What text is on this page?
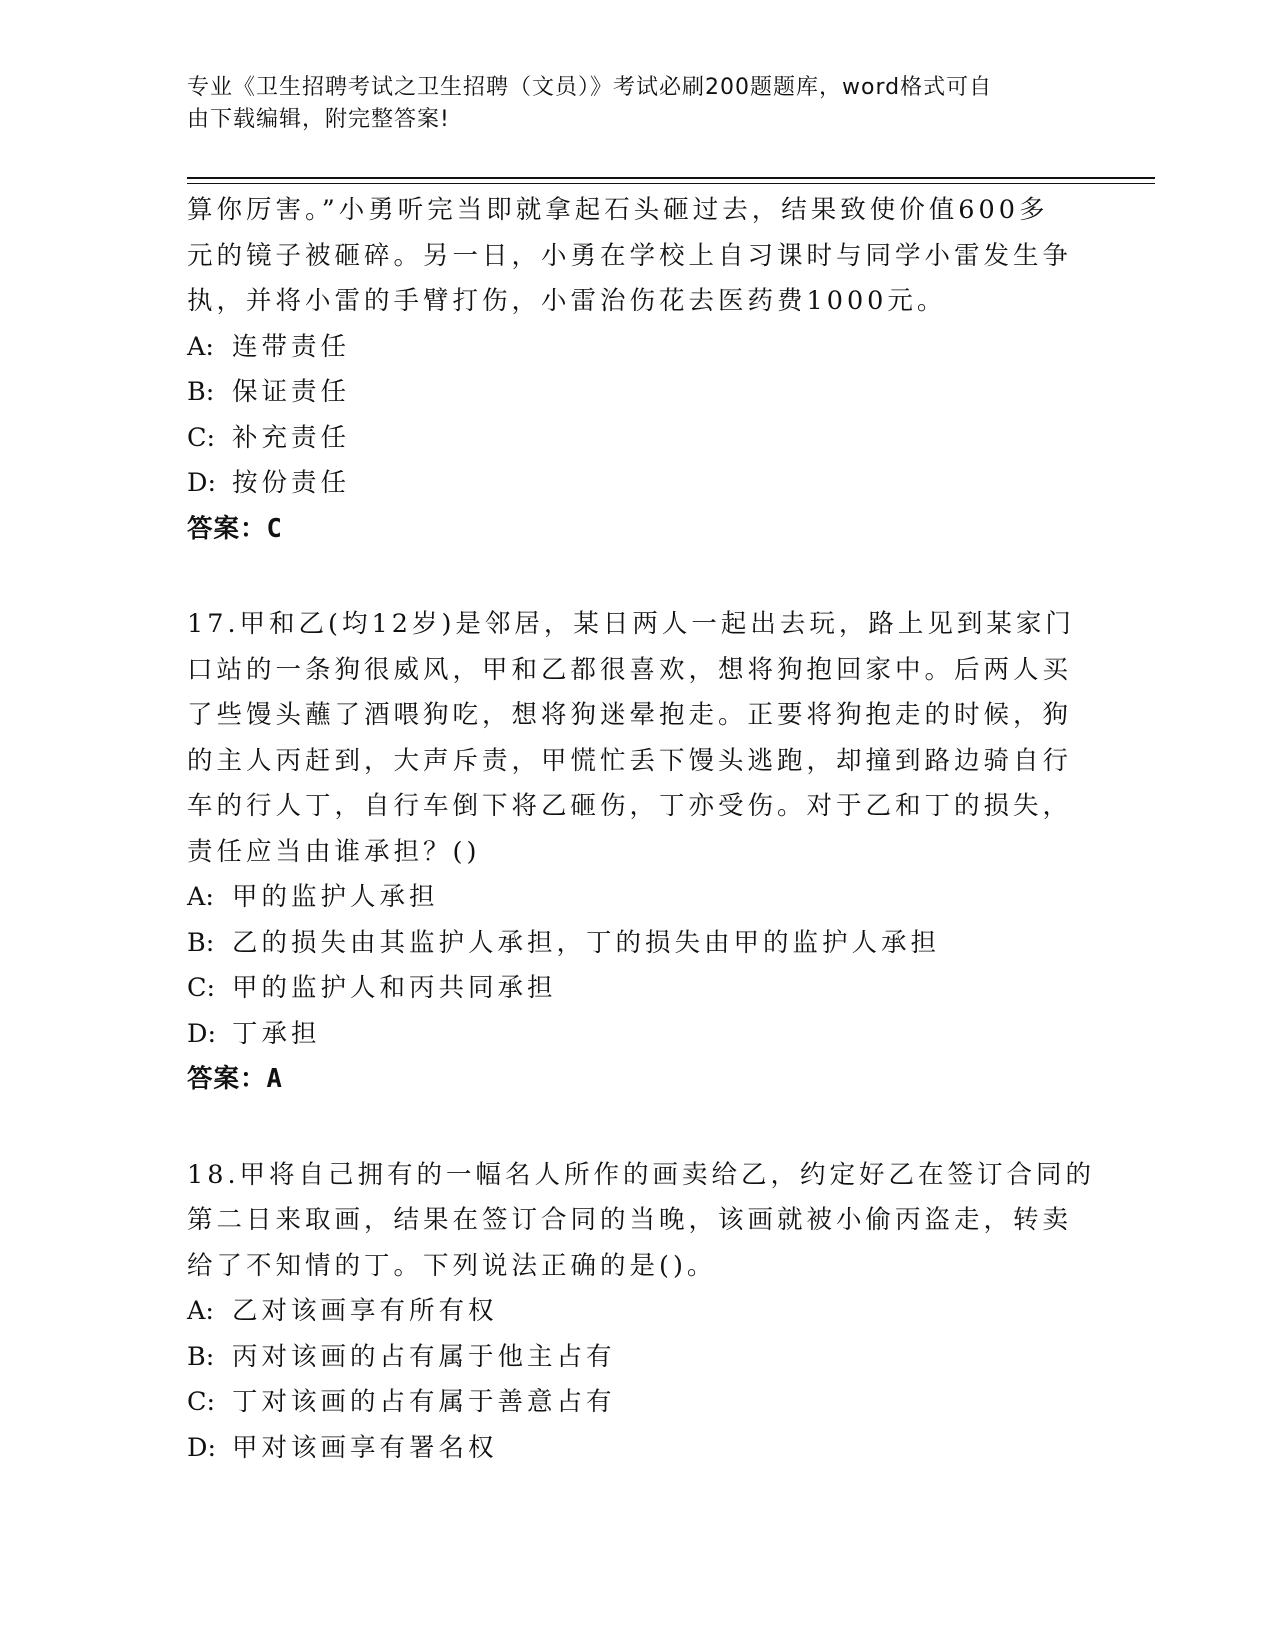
专业《卫生招聘考试之卫生招聘（文员）》考试必刷200题题库，word格式可自
由下载编辑，附完整答案!
算你厉害。”小勇听完当即就拿起石头砸过去，结果致使价值600多
元的镜子被砸碎。另一日，小勇在学校上自习课时与同学小雷发生争
执，并将小雷的手臂打伤，小雷治伤花去医药费1000元。
A: 连带责任
B: 保证责任
C: 补充责任
D: 按份责任
答案：C
17.甲和乙(均12岁)是邻居，某日两人一起出去玩，路上见到某家门
口站的一条狗很威风，甲和乙都很喜欢，想将狗抱回家中。后两人买
了些馒头蘸了酒喂狗吃，想将狗迷晕抱走。正要将狗抱走的时候，狗
的主人丙赶到，大声斥责，甲慌忙丢下馒头逃跑，却撞到路边骑自行
车的行人丁，自行车倒下将乙砸伤，丁亦受伤。对于乙和丁的损失，
责任应当由谁承担？()
A: 甲的监护人承担
B: 乙的损失由其监护人承担，丁的损失由甲的监护人承担
C: 甲的监护人和丙共同承担
D: 丁承担
答案：A
18.甲将自己拥有的一幅名人所作的画卖给乙，约定好乙在签订合同的
第二日来取画，结果在签订合同的当晚，该画就被小偷丙盗走，转卖
给了不知情的丁。下列说法正确的是()。
A: 乙对该画享有所有权
B: 丙对该画的占有属于他主占有
C: 丁对该画的占有属于善意占有
D: 甲对该画享有署名权
